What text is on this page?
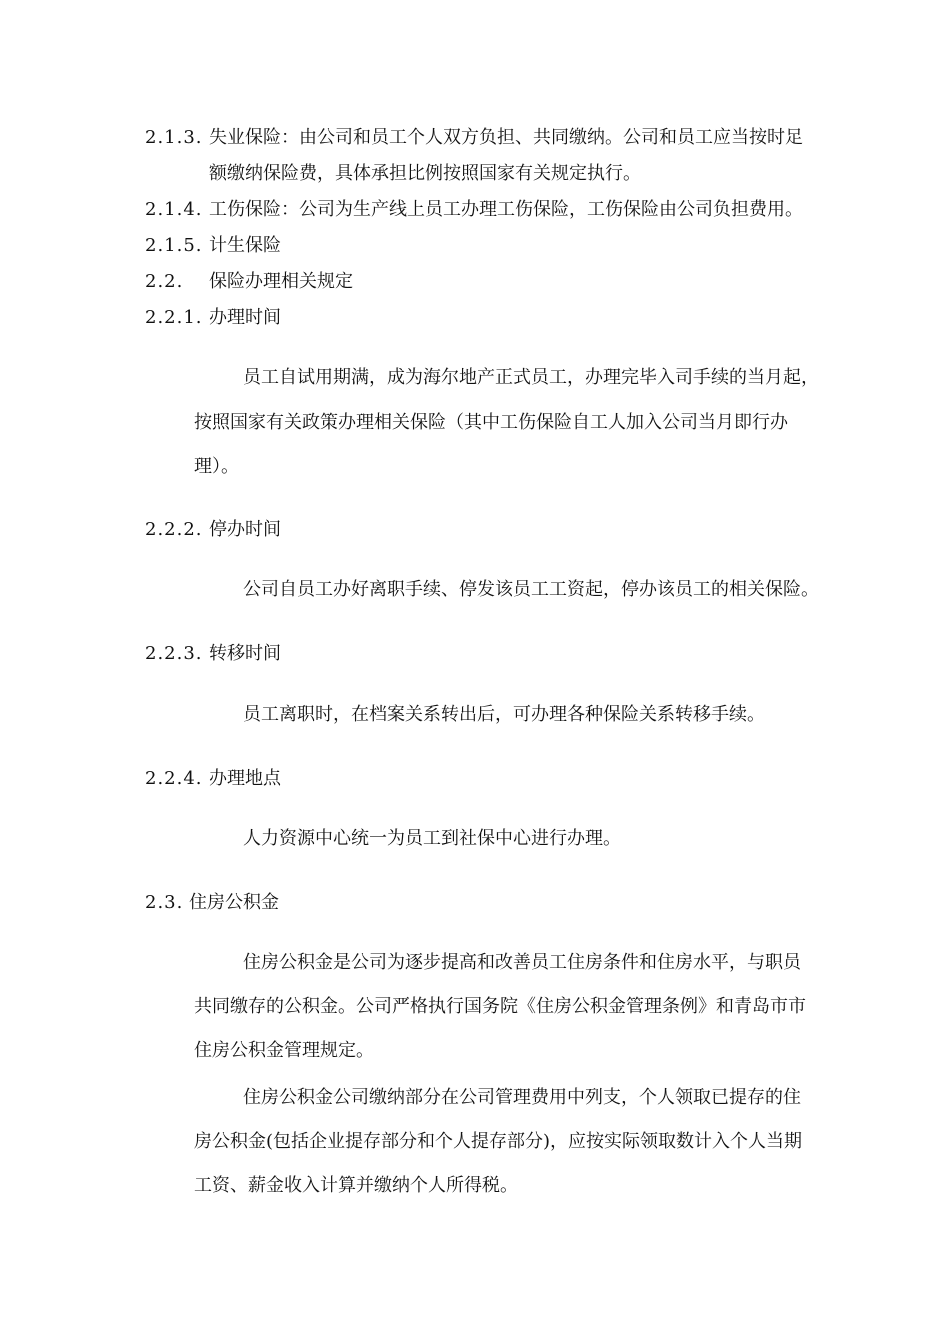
2.1.3. 失业保险：由公司和员工个人双方负担、共同缴纳。公司和员工应当按时足
额缴纳保险费，具体承担比例按照国家有关规定执行。
2.1.4. 工伤保险：公司为生产线上员工办理工伤保险，工伤保险由公司负担费用。
2.1.5. 计生保险
2.2. 保险办理相关规定
2.2.1. 办理时间
员工自试用期满，成为海尔地产正式员工，办理完毕入司手续的当月起，
按照国家有关政策办理相关保险（其中工伤保险自工人加入公司当月即行办
理）。
2.2.2. 停办时间
公司自员工办好离职手续、停发该员工工资起，停办该员工的相关保险。
2.2.3. 转移时间
员工离职时，在档案关系转出后，可办理各种保险关系转移手续。
2.2.4. 办理地点
人力资源中心统一为员工到社保中心进行办理。
2.3. 住房公积金
住房公积金是公司为逐步提高和改善员工住房条件和住房水平，与职员
共同缴存的公积金。公司严格执行国务院《住房公积金管理条例》和青岛市市
住房公积金管理规定。
住房公积金公司缴纳部分在公司管理费用中列支，个人领取已提存的住
房公积金(包括企业提存部分和个人提存部分)，应按实际领取数计入个人当期
工资、薪金收入计算并缴纳个人所得税。
